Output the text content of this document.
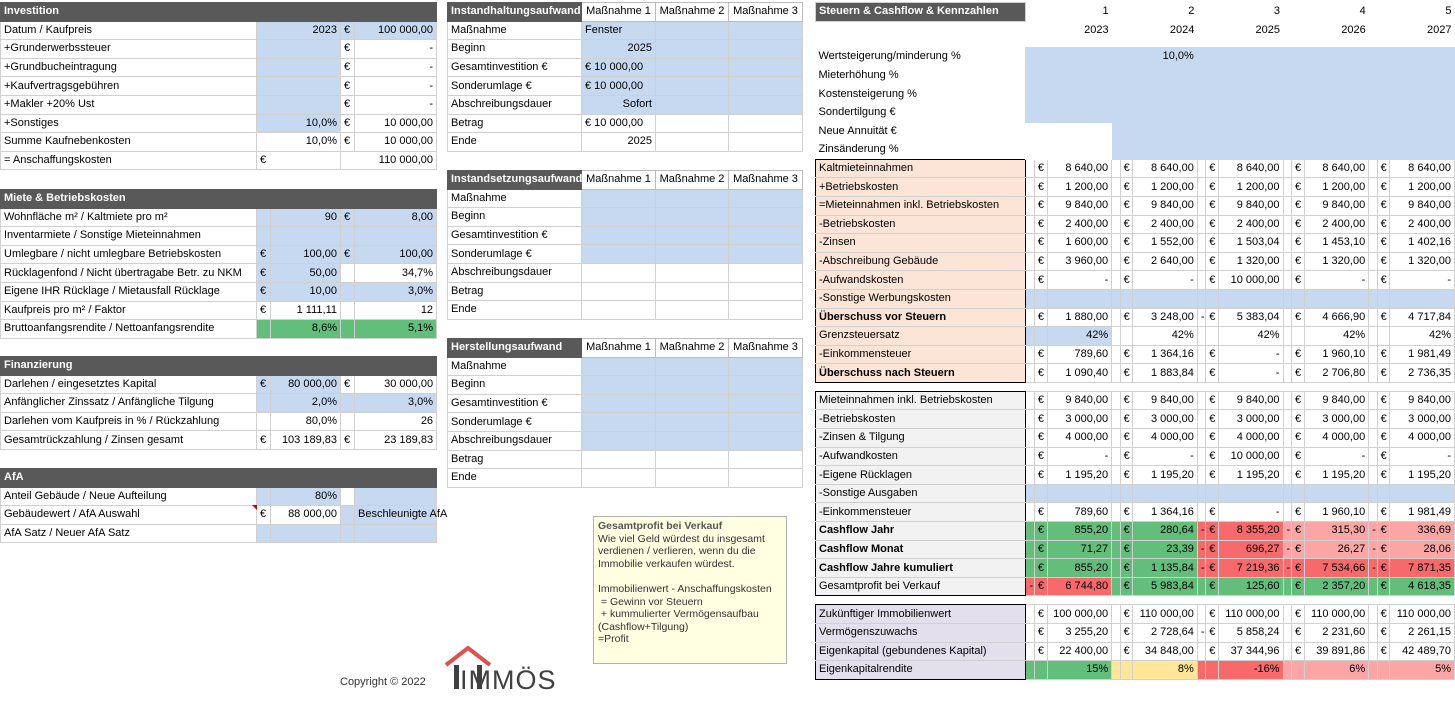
Investition			
Datum / Kaufpreis	2023	€	100 000,00
+Grunderwerbssteuer		€	-
+Grundbucheintragung		€	-
+Kaufvertragsgebühren		€	-
+Makler +20% Ust		€	-
+Sonstiges	10,0%	€	10 000,00
Summe Kaufnebenkosten	10,0%	€	10 000,00
= Anschaffungskosten	€	110 000,00	
Miete & Betriebskosten				
Wohnfläche m² / Kaltmiete pro m²		90	€	8,00
Inventarmiete / Sonstige Mieteinnahmen				
Umlegbare / nicht umlegbare Betriebskosten	€	100,00	€	100,00
Rücklagenfond / Nicht übertragabe Betr. zu NKM	€	50,00		34,7%
Eigene IHR Rücklage / Mietausfall Rücklage	€	10,00		3,0%
Kaufpreis pro m² / Faktor	€	1 111,11		12
Bruttoanfangsrendite / Nettoanfangsrendite		8,6%		5,1%
Finanzierung				
Darlehen / eingesetztes Kapital	€	80 000,00	€	30 000,00
Anfänglicher Zinssatz / Anfängliche Tilgung		2,0%		3,0%
Darlehen vom Kaufpreis in % / Rückzahlung		80,0%		26
Gesamtrückzahlung / Zinsen gesamt	€	103 189,83	€	23 189,83
AfA				
Anteil Gebäude / Neue Aufteilung		80%		
Gebäudewert / AfA Auswahl	€	88 000,00		Beschleunigte AfA
AfA Satz / Neuer AfA Satz				
Instandhaltungsaufwand	Maßnahme 1	Maßnahme 2	Maßnahme 3
Maßnahme	Fenster		
Beginn	2025		
Gesamtinvestition €	€ 10 000,00		
Sonderumlage €	€ 10 000,00		
Abschreibungsdauer	Sofort		
Betrag	€ 10 000,00		
Ende	2025		
Instandsetzungsaufwand	Maßnahme 1	Maßnahme 2	Maßnahme 3
Maßnahme			
Beginn			
Gesamtinvestition €			
Sonderumlage €			
Abschreibungsdauer			
Betrag			
Ende			
Herstellungsaufwand	Maßnahme 1	Maßnahme 2	Maßnahme 3
Maßnahme			
Beginn			
Gesamtinvestition €			
Sonderumlage €			
Abschreibungsdauer			
Betrag			
Ende			
Steuern & Cashflow & Kennzahlen	1			2			3			4			5		
	2023			2024			2025			2026			2027		

Wertsteigerung/minderung %				10,0%											
Mieterhöhung %															
Kostensteigerung %															
Sondertilgung €															
Neue Annuität €															
Zinsänderung %															
Kaltmieteinnahmen		€	8 640,00		€	8 640,00		€	8 640,00		€	8 640,00		€	8 640,00
+Betriebskosten		€	1 200,00		€	1 200,00		€	1 200,00		€	1 200,00		€	1 200,00
=Mieteinnahmen inkl. Betriebskosten		€	9 840,00		€	9 840,00		€	9 840,00		€	9 840,00		€	9 840,00
-Betriebskosten		€	2 400,00		€	2 400,00		€	2 400,00		€	2 400,00		€	2 400,00
-Zinsen		€	1 600,00		€	1 552,00		€	1 503,04		€	1 453,10		€	1 402,16
-Abschreibung Gebäude		€	3 960,00		€	2 640,00		€	1 320,00		€	1 320,00		€	1 320,00
-Aufwandskosten		€	-		€	-		€	10 000,00		€	-		€	-
-Sonstige Werbungskosten															
Überschuss vor Steuern		€	1 880,00		€	3 248,00	-	€	5 383,04		€	4 666,90		€	4 717,84
Grenzsteuersatz			42%			42%			42%			42%			42%
-Einkommensteuer		€	789,60		€	1 364,16		€	-		€	1 960,10		€	1 981,49
Überschuss nach Steuern		€	1 090,40		€	1 883,84		€	-		€	2 706,80		€	2 736,35

Mieteinnahmen inkl. Betriebskosten		€	9 840,00		€	9 840,00		€	9 840,00		€	9 840,00		€	9 840,00
-Betriebskosten		€	3 000,00		€	3 000,00		€	3 000,00		€	3 000,00		€	3 000,00
-Zinsen & Tilgung		€	4 000,00		€	4 000,00		€	4 000,00		€	4 000,00		€	4 000,00
-Aufwandkosten		€	-		€	-		€	10 000,00		€	-		€	-
-Eigene Rücklagen		€	1 195,20		€	1 195,20		€	1 195,20		€	1 195,20		€	1 195,20
-Sonstige Ausgaben															
-Einkommensteuer		€	789,60		€	1 364,16		€	-		€	1 960,10		€	1 981,49
Cashflow Jahr		€	855,20		€	280,64	-	€	8 355,20	-	€	315,30	-	€	336,69
Cashflow Monat		€	71,27		€	23,39	-	€	696,27	-	€	26,27	-	€	28,06
Cashflow Jahre kumuliert		€	855,20		€	1 135,84	-	€	7 219,36	-	€	7 534,66	-	€	7 871,35
Gesamtprofit bei Verkauf	-	€	6 744,80		€	5 983,84		€	125,60		€	2 357,20		€	4 618,35

Zukünftiger Immobilienwert		€	100 000,00		€	110 000,00		€	110 000,00		€	110 000,00		€	110 000,00
Vermögenszuwachs		€	3 255,20		€	2 728,64	-	€	5 858,24		€	2 231,60		€	2 261,15
Eigenkapital (gebundenes Kapital)		€	22 400,00		€	34 848,00		€	37 344,96		€	39 891,86		€	42 489,70
Eigenkapitalrendite			15%			8%			-16%			6%			5%
Gesamtprofit bei Verkauf
Wie viel Geld würdest du insgesamt
verdienen / verlieren, wenn du die
Immobilie verkaufen würdest.
Immobilienwert - Anschaffungskosten
= Gewinn vor Steuern
+ kummulierter Vermögensaufbau
(Cashflow+Tilgung)
=Profit
Copyright © 2022 IMMÖS
